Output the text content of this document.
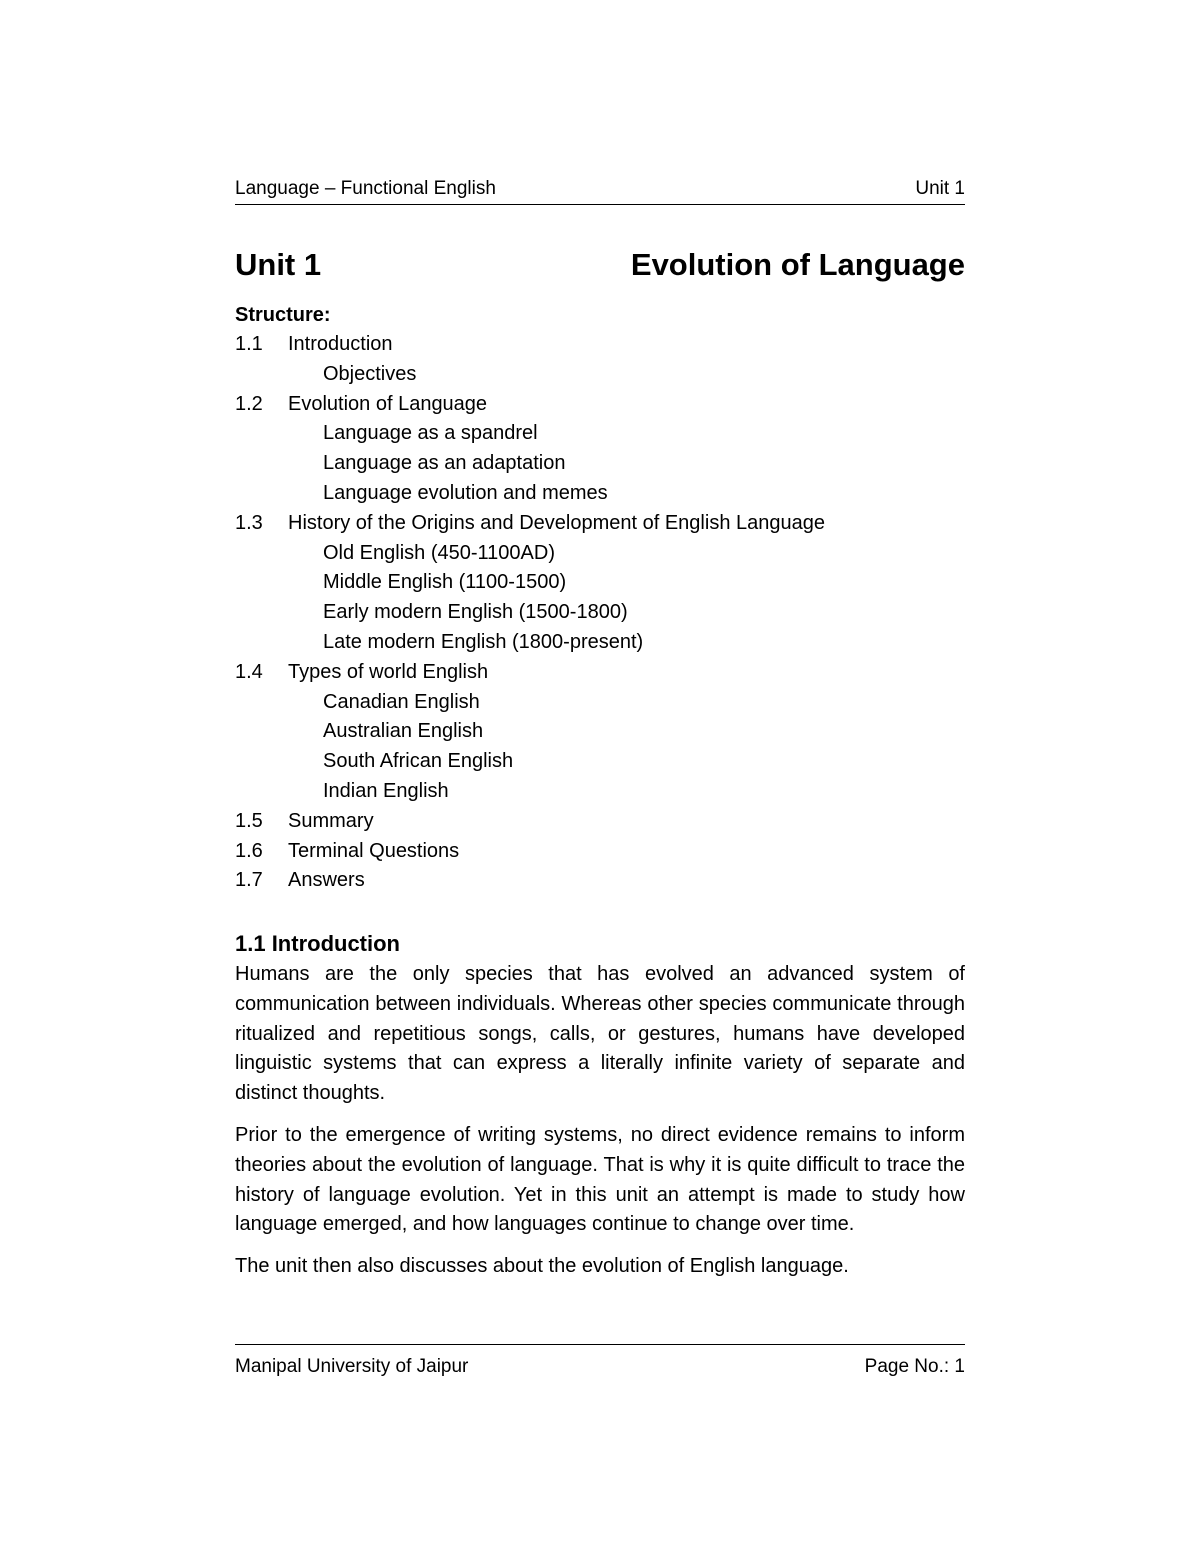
Language – Functional English	Unit 1
Unit 1	Evolution of Language
Structure:
1.1 Introduction
Objectives
1.2 Evolution of Language
Language as a spandrel
Language as an adaptation
Language evolution and memes
1.3 History of the Origins and Development of English Language
Old English (450-1100AD)
Middle English (1100-1500)
Early modern English (1500-1800)
Late modern English (1800-present)
1.4 Types of world English
Canadian English
Australian English
South African English
Indian English
1.5 Summary
1.6 Terminal Questions
1.7 Answers
1.1 Introduction

Humans are the only species that has evolved an advanced system of communication between individuals. Whereas other species communicate through ritualized and repetitious songs, calls, or gestures, humans have developed linguistic systems that can express a literally infinite variety of separate and distinct thoughts.

Prior to the emergence of writing systems, no direct evidence remains to inform theories about the evolution of language. That is why it is quite difficult to trace the history of language evolution. Yet in this unit an attempt is made to study how language emerged, and how languages continue to change over time.

The unit then also discusses about the evolution of English language.

Manipal University of Jaipur	Page No.: 1
